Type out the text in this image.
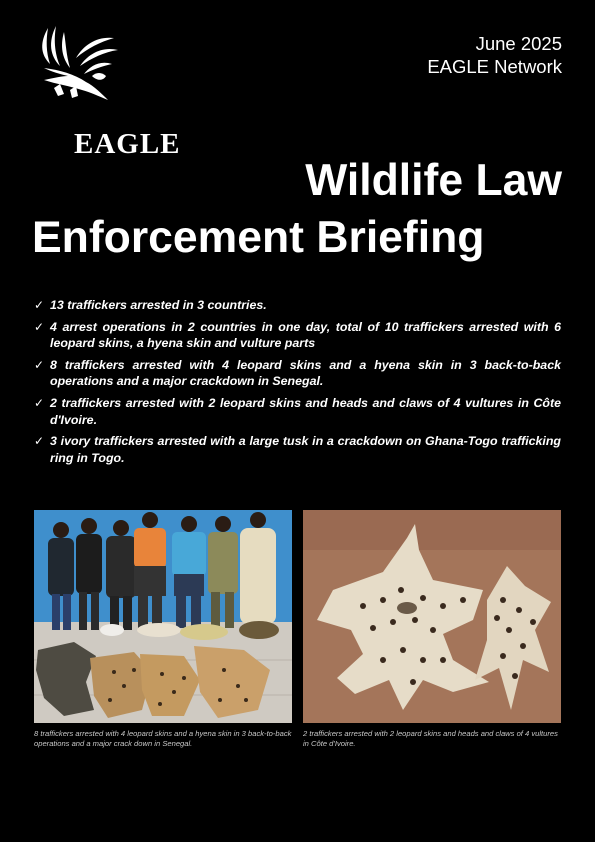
EAGLE
June 2025
EAGLE Network
Wildlife Law
Enforcement Briefing
✓ 13 traffickers arrested in 3 countries.
✓ 4 arrest operations in 2 countries in one day, total of 10 traffickers arrested with 6 leopard skins, a hyena skin and vulture parts
✓ 8 traffickers arrested with 4 leopard skins and a hyena skin in 3 back-to-back operations and a major crackdown in Senegal.
✓ 2 traffickers arrested with 2 leopard skins and heads and claws of 4 vultures in Côte d'Ivoire.
✓ 3 ivory traffickers arrested with a large tusk in a crackdown on Ghana-Togo trafficking ring in Togo.
8 traffickers arrested with 4 leopard skins and a hyena skin in 3 back-to-back operations and a major crack down in Senegal.
2 traffickers arrested with 2 leopard skins and heads and claws of 4 vultures in Côte d'Ivoire.
